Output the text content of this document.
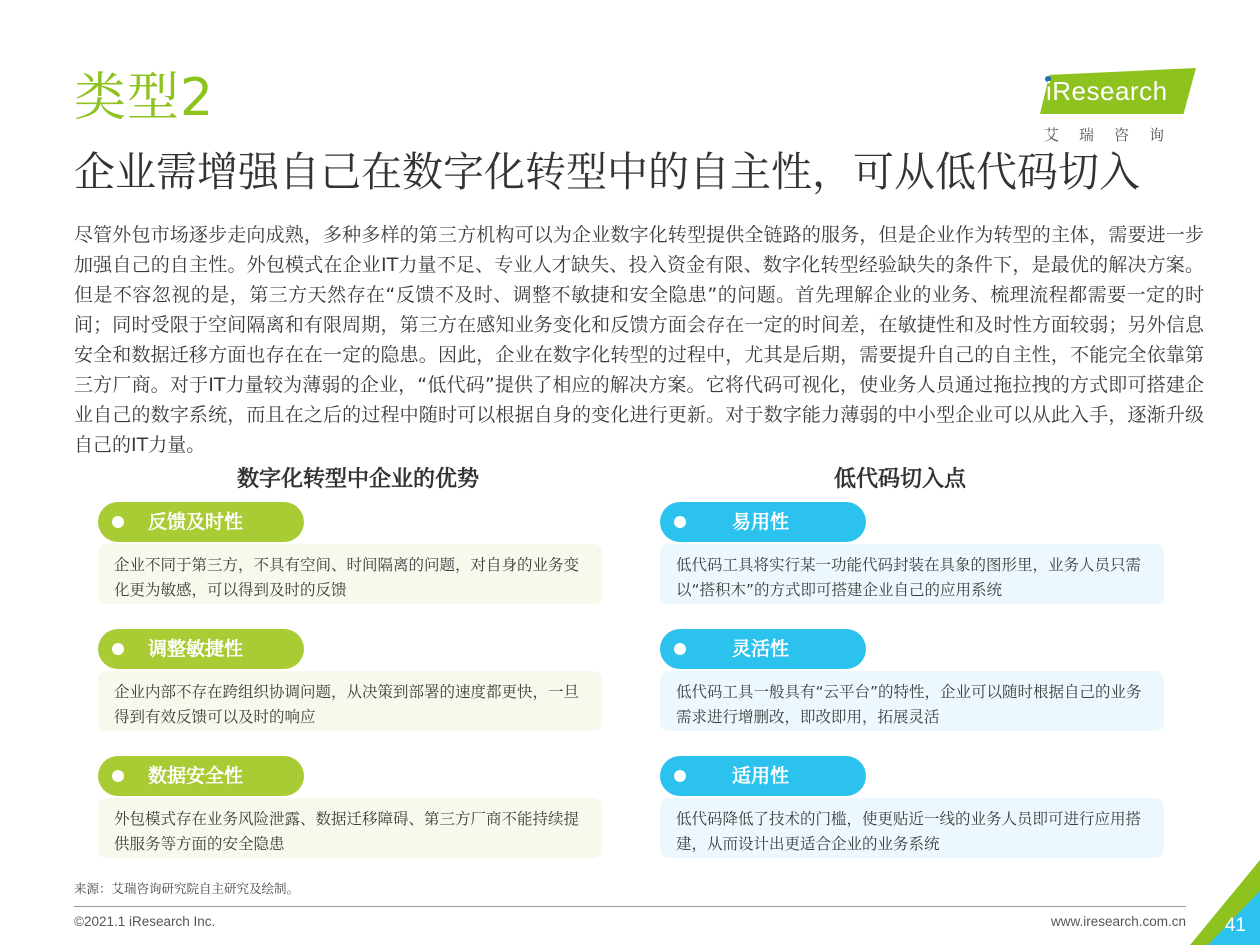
类型2
企业需增强自己在数字化转型中的自主性，可从低代码切入
iResearch
艾瑞咨询
尽管外包市场逐步走向成熟，多种多样的第三方机构可以为企业数字化转型提供全链路的服务，但是企业作为转型的主体，需要进一步加强自己的自主性。外包模式在企业IT力量不足、专业人才缺失、投入资金有限、数字化转型经验缺失的条件下，是最优的解决方案。但是不容忽视的是，第三方天然存在“反馈不及时、调整不敏捷和安全隐患”的问题。首先理解企业的业务、梳理流程都需要一定的时间；同时受限于空间隔离和有限周期，第三方在感知业务变化和反馈方面会存在一定的时间差，在敏捷性和及时性方面较弱；另外信息安全和数据迁移方面也存在在一定的隐患。因此，企业在数字化转型的过程中，尤其是后期，需要提升自己的自主性，不能完全依靠第三方厂商。对于IT力量较为薄弱的企业，“低代码”提供了相应的解决方案。它将代码可视化，使业务人员通过拖拉拽的方式即可搭建企业自己的数字系统，而且在之后的过程中随时可以根据自身的变化进行更新。对于数字能力薄弱的中小型企业可以从此入手，逐渐升级自己的IT力量。
数字化转型中企业的优势	低代码切入点
反馈及时性
企业不同于第三方，不具有空间、时间隔离的问题，对自身的业务变化更为敏感，可以得到及时的反馈
调整敏捷性
企业内部不存在跨组织协调问题，从决策到部署的速度都更快，一旦得到有效反馈可以及时的响应
数据安全性
外包模式存在业务风险泄露、数据迁移障碍、第三方厂商不能持续提供服务等方面的安全隐患
易用性
低代码工具将实行某一功能代码封装在具象的图形里，业务人员只需以“搭积木”的方式即可搭建企业自己的应用系统
灵活性
低代码工具一般具有“云平台”的特性，企业可以随时根据自己的业务需求进行增删改，即改即用，拓展灵活
适用性
低代码降低了技术的门槛，使更贴近一线的业务人员即可进行应用搭建，从而设计出更适合企业的业务系统
来源：艾瑞咨询研究院自主研究及绘制。
©2021.1 iResearch Inc.	www.iresearch.com.cn 41
